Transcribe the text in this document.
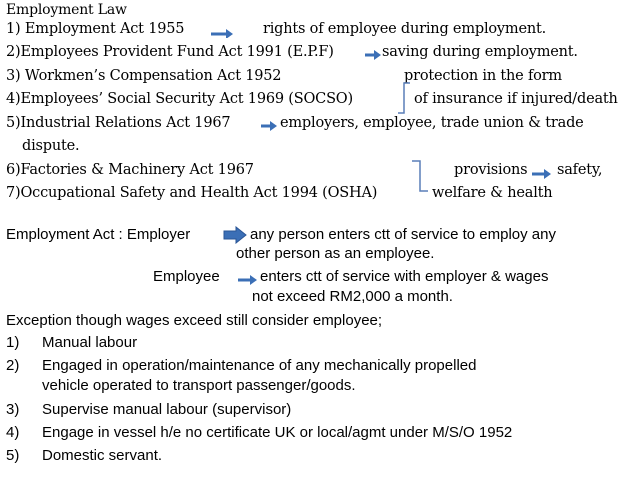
Employment Law
1) Employment Act 1955	rights of employee during employment.
2)Employees Provident Fund Act 1991 (E.P.F)	saving during employment.
3) Workmen’s Compensation Act 1952	protection in the form
4)Employees’ Social Security Act 1969 (SOCSO)	of insurance if injured/death
5)Industrial Relations Act 1967	employers, employee, trade union & trade
dispute.
6)Factories & Machinery Act 1967	provisions safety,
7)Occupational Safety and Health Act 1994 (OSHA)	welfare & health
Employment Act : Employer	any person enters ctt of service to employ any
other person as an employee.
Employee	enters ctt of service with employer & wages
not exceed RM2,000 a month.
Exception though wages exceed still consider employee;
1) Manual labour
2) Engaged in operation/maintenance of any mechanically propelled
vehicle operated to transport passenger/goods.
3) Supervise manual labour (supervisor)
4) Engage in vessel h/e no certificate UK or local/agmt under M/S/O 1952
5) Domestic servant.
